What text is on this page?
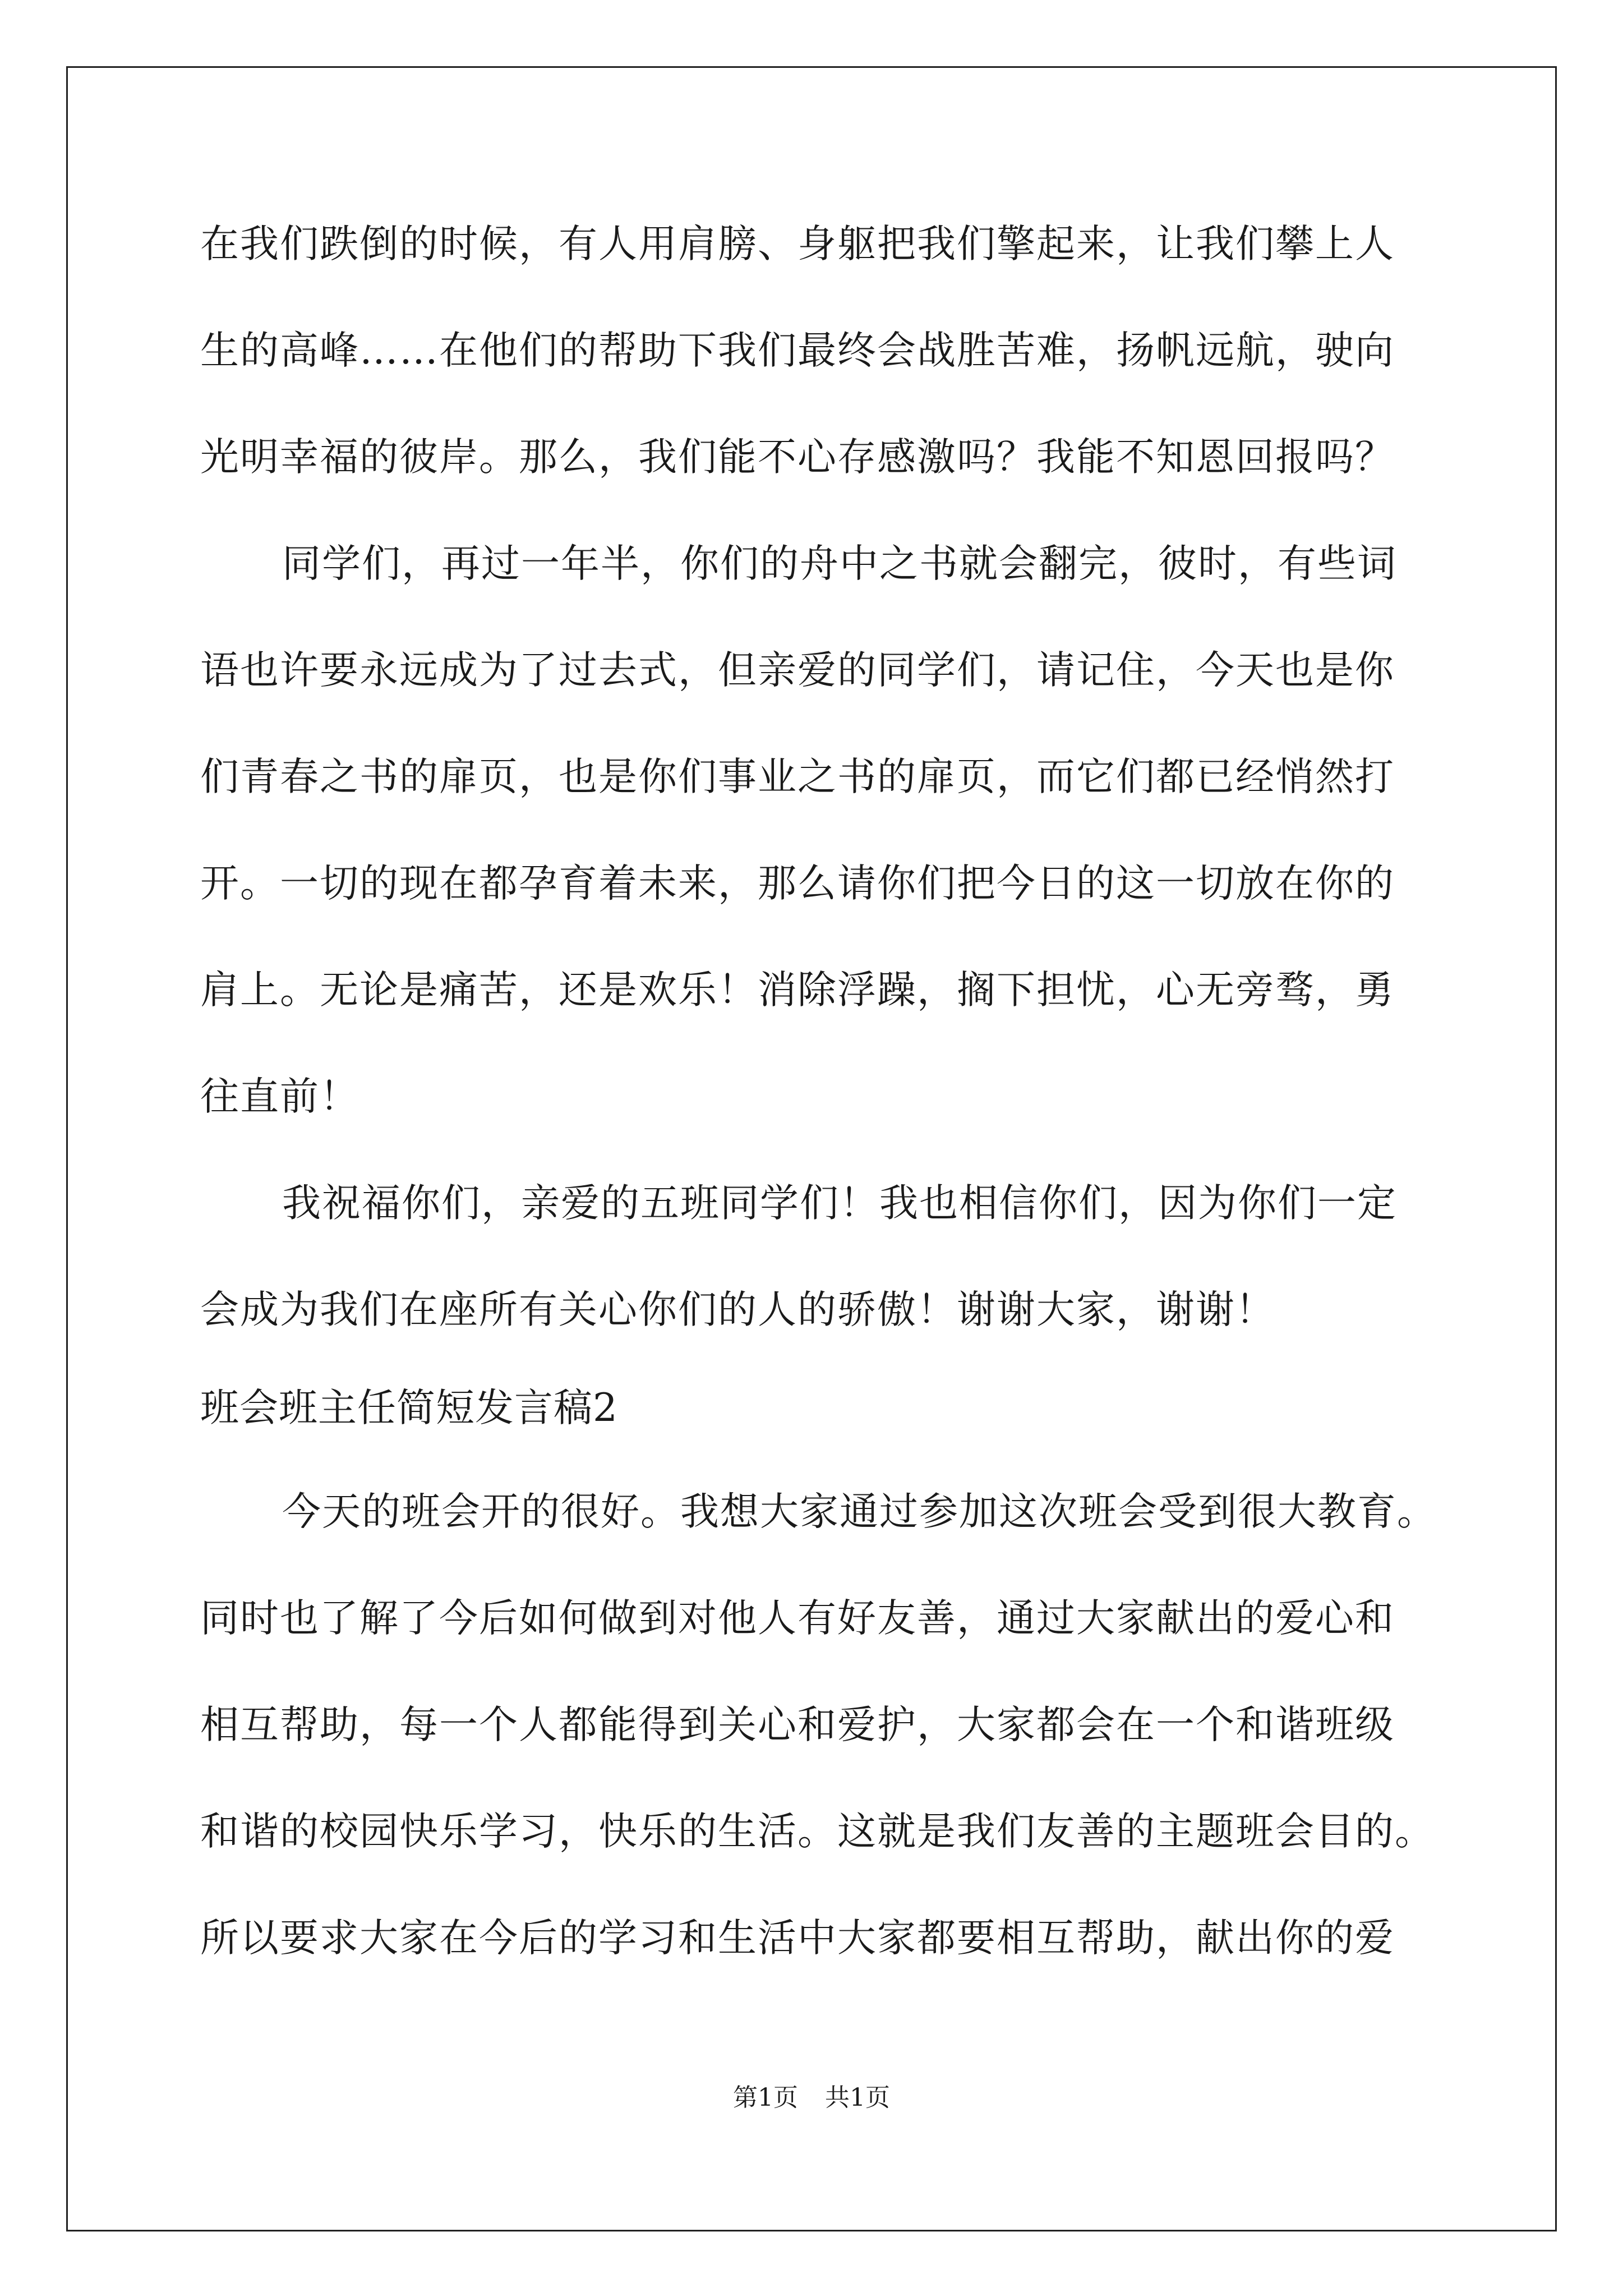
在我们跌倒的时候，有人用肩膀、身躯把我们擎起来，让我们攀上人
生的高峰……在他们的帮助下我们最终会战胜苦难，扬帆远航，驶向
光明幸福的彼岸。那么，我们能不心存感激吗？我能不知恩回报吗？
同学们，再过一年半，你们的舟中之书就会翻完，彼时，有些词
语也许要永远成为了过去式，但亲爱的同学们，请记住，今天也是你
们青春之书的扉页，也是你们事业之书的扉页，而它们都已经悄然打
开。一切的现在都孕育着未来，那么请你们把今日的这一切放在你的
肩上。无论是痛苦，还是欢乐！消除浮躁，搁下担忧，心无旁骛，勇
往直前！
我祝福你们，亲爱的五班同学们！我也相信你们，因为你们一定
会成为我们在座所有关心你们的人的骄傲！谢谢大家，谢谢！
班会班主任简短发言稿2
今天的班会开的很好。我想大家通过参加这次班会受到很大教育。
同时也了解了今后如何做到对他人有好友善，通过大家献出的爱心和
相互帮助，每一个人都能得到关心和爱护，大家都会在一个和谐班级
和谐的校园快乐学习，快乐的生活。这就是我们友善的主题班会目的。
所以要求大家在今后的学习和生活中大家都要相互帮助，献出你的爱
第1页 共1页
